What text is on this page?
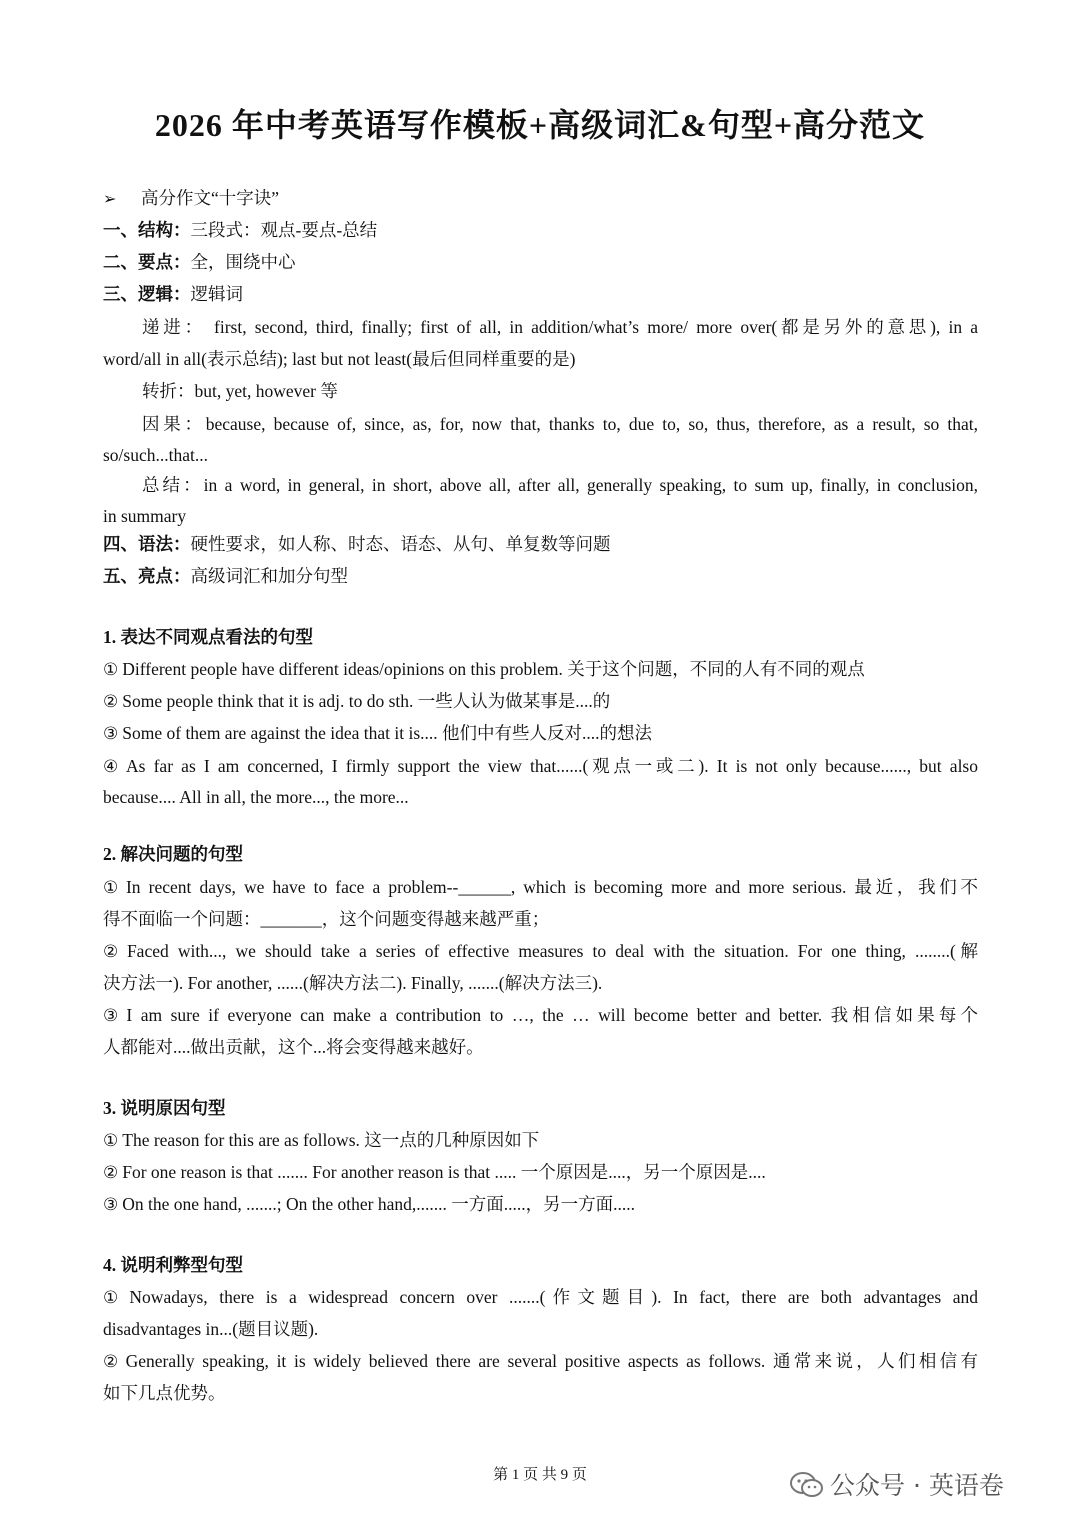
2026 年中考英语写作模板+高级词汇&句型+高分范文
➢ 高分作文“十字诀”
一、结构：三段式：观点-要点-总结
二、要点：全，围绕中心
三、逻辑：逻辑词
递进： first, second, third, finally; first of all, in addition/what’s more/ more over(都是另外的意思), in a
word/all in all(表示总结); last but not least(最后但同样重要的是)
转折：but, yet, however 等
因果：because, because of, since, as, for, now that, thanks to, due to, so, thus, therefore, as a result, so that,
so/such...that...
总结：in a word, in general, in short, above all, after all, generally speaking, to sum up, finally, in conclusion,
in summary
四、语法：硬性要求，如人称、时态、语态、从句、单复数等问题
五、亮点：高级词汇和加分句型
1. 表达不同观点看法的句型
① Different people have different ideas/opinions on this problem. 关于这个问题，不同的人有不同的观点
② Some people think that it is adj. to do sth. 一些人认为做某事是....的
③ Some of them are against the idea that it is.... 他们中有些人反对....的想法
④ As far as I am concerned, I firmly support the view that......(观点一或二). It is not only because......, but also
because.... All in all, the more..., the more...
2. 解决问题的句型
① In recent days, we have to face a problem--______, which is becoming more and more serious. 最近，我们不
得不面临一个问题：_______，这个问题变得越来越严重；
② Faced with..., we should take a series of effective measures to deal with the situation. For one thing, ........(解
决方法一). For another, ......(解决方法二). Finally, .......(解决方法三).
③ I am sure if everyone can make a contribution to …, the … will become better and better. 我相信如果每个
人都能对....做出贡献，这个...将会变得越来越好。
3. 说明原因句型
① The reason for this are as follows. 这一点的几种原因如下
② For one reason is that ....... For another reason is that ..... 一个原因是....，另一个原因是....
③ On the one hand, .......; On the other hand,....... 一方面.....，另一方面.....
4. 说明利弊型句型
① Nowadays, there is a widespread concern over .......(作文题目). In fact, there are both advantages and
disadvantages in...(题目议题).
② Generally speaking, it is widely believed there are several positive aspects as follows. 通常来说，人们相信有
如下几点优势。
第 1 页 共 9 页	公众号 · 英语卷
